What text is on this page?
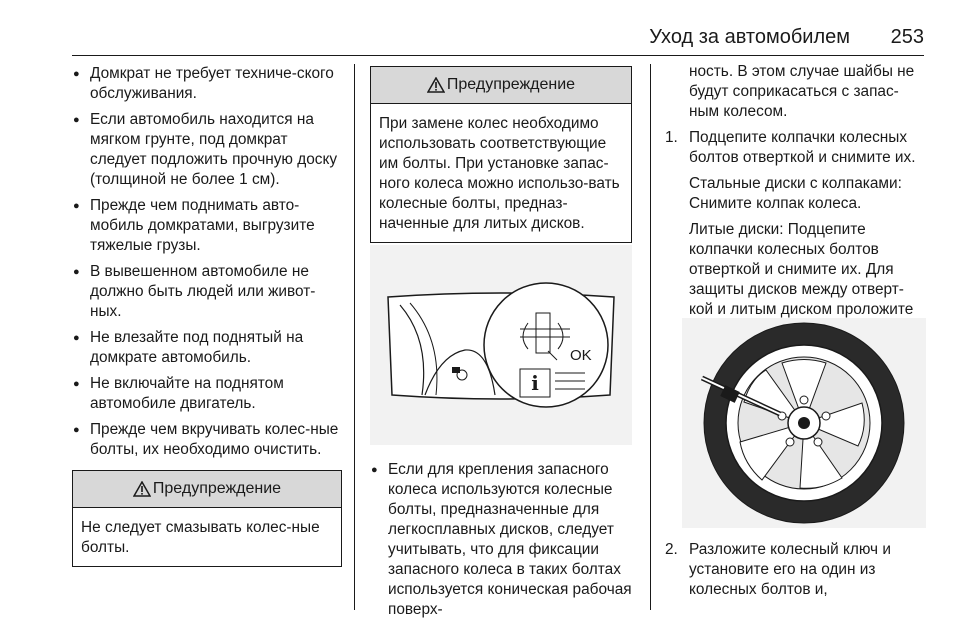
Уход за автомобилем 253
● Домкрат не требует техниче-ского обслуживания.
● Если автомобиль находится на мягком грунте, под домкрат следует подложить прочную доску (толщиной не более 1 см).
● Прежде чем поднимать авто-мобиль домкратами, выгрузите тяжелые грузы.
● В вывешенном автомобиле не должно быть людей или живот-ных.
● Не влезайте под поднятый на домкрате автомобиль.
● Не включайте на поднятом автомобиле двигатель.
● Прежде чем вкручивать колес-ные болты, их необходимо очистить.
Предупреждение
Не следует смазывать колес-ные болты.
Предупреждение
При замене колес необходимо использовать соответствующие им болты. При установке запас-ного колеса можно использо-вать колесные болты, предназ-наченные для литых дисков.
i
OK
● Если для крепления запасного колеса используются колесные болты, предназначенные для легкосплавных дисков, следует учитывать, что для фиксации запасного колеса в таких болтах используется коническая рабочая поверх-
ность. В этом случае шайбы не будут соприкасаться с запас-ным колесом.
1. Подцепите колпачки колесных болтов отверткой и снимите их.
Стальные диски с колпаками: Снимите колпак колеса.
Литые диски: Подцепите колпачки колесных болтов отверткой и снимите их. Для защиты дисков между отверт-кой и литым диском проложите
2. Разложите колесный ключ и установите его на один из колесных болтов и,
